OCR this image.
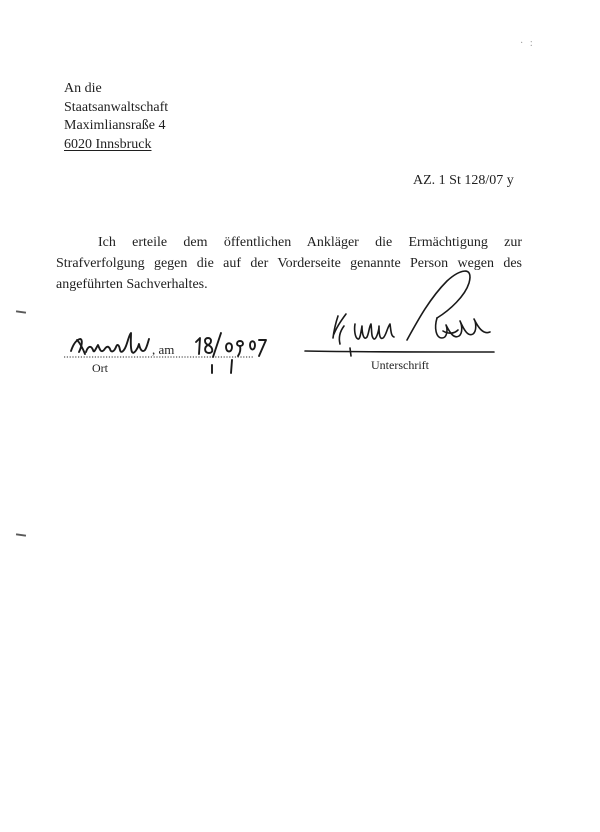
· :
An die
Staatsanwaltschaft
Maximliansraße 4
6020 Innsbruck
AZ. 1 St 128/07 y
Ich erteile dem öffentlichen Ankläger die Ermächtigung zur
Strafverfolgung gegen die auf der Vorderseite genannte Person wegen des
angeführten Sachverhaltes.
, am
Ort	Unterschrift
